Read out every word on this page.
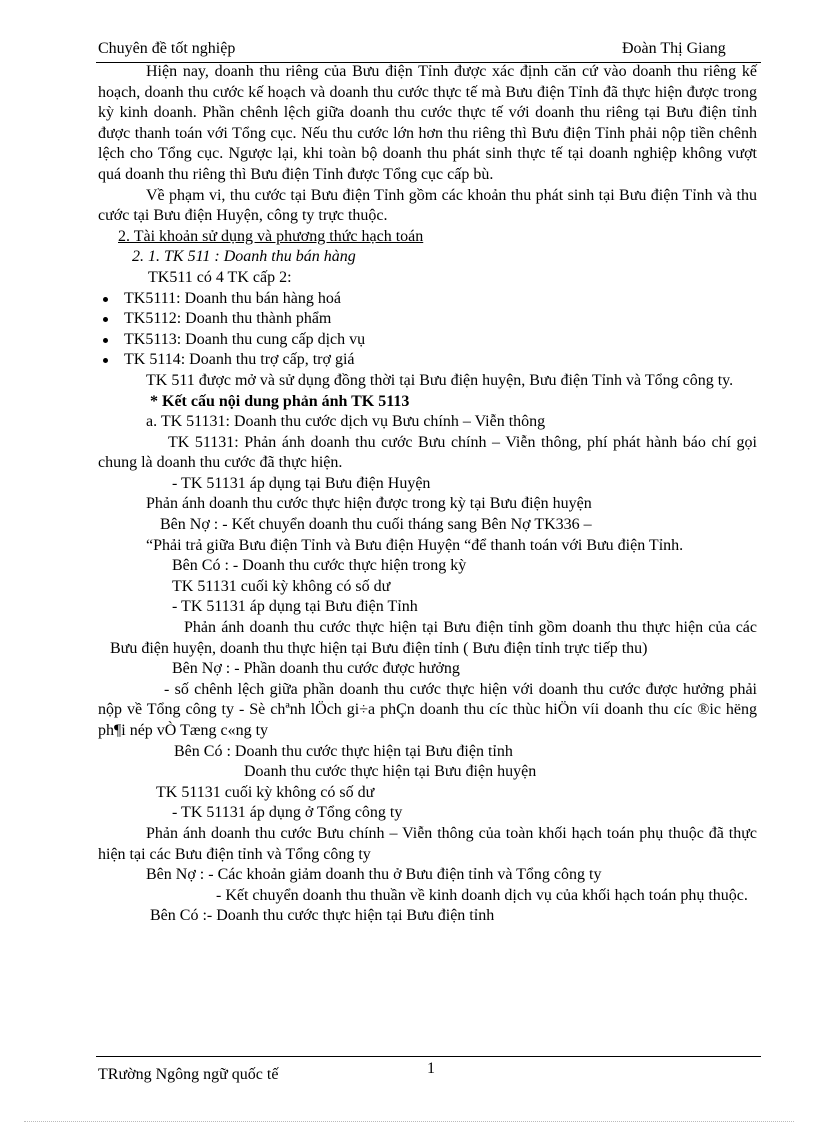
Chuyên đề tốt nghiệp	Đoàn Thị Giang

Hiện nay, doanh thu riêng của Bưu điện Tỉnh được xác định căn cứ vào doanh thu riêng kế hoạch, doanh thu cước kế hoạch và doanh thu cước thực tế mà Bưu điện Tỉnh đã thực hiện được trong kỳ kinh doanh. Phần chênh lệch giữa doanh thu cước thực tế với doanh thu riêng tại Bưu điện tỉnh được thanh toán với Tổng cục. Nếu thu cước lớn hơn thu riêng thì Bưu điện Tỉnh phải nộp tiền chênh lệch cho Tổng cục. Ngược lại, khi toàn bộ doanh thu phát sinh thực tế tại doanh nghiệp không vượt quá doanh thu riêng thì Bưu điện Tỉnh được Tổng cục cấp bù.

Về phạm vi, thu cước tại Bưu điện Tỉnh gồm các khoản thu phát sinh tại Bưu điện Tỉnh và thu cước tại Bưu điện Huyện, công ty trực thuộc.

2. Tài khoản sử dụng và phương thức hạch toán

2. 1. TK 511 : Doanh thu bán hàng

TK511 có 4 TK cấp 2:

TK5111: Doanh thu bán hàng hoá
TK5112: Doanh thu thành phẩm
TK5113: Doanh thu cung cấp dịch vụ
TK 5114: Doanh thu trợ cấp, trợ giá

TK 511 được mở và sử dụng đồng thời tại Bưu điện huyện, Bưu điện Tỉnh và Tổng công ty.

* Kết cấu nội dung phản ánh TK 5113

a. TK 51131: Doanh thu cước dịch vụ Bưu chính – Viễn thông

TK 51131: Phản ánh doanh thu cước Bưu chính – Viễn thông, phí phát hành báo chí gọi chung là doanh thu cước đã thực hiện.

- TK 51131 áp dụng tại Bưu điện Huyện

Phản ánh doanh thu cước thực hiện được trong kỳ tại Bưu điện huyện

Bên Nợ : - Kết chuyển doanh thu cuối tháng sang Bên Nợ TK336 –

“Phải trả giữa Bưu điện Tỉnh và Bưu điện Huyện “để thanh toán với Bưu điện Tỉnh.

Bên Có : - Doanh thu cước thực hiện trong kỳ

TK 51131 cuối kỳ không có số dư

- TK 51131 áp dụng tại Bưu điện Tỉnh

Phản ánh doanh thu cước thực hiện tại Bưu điện tỉnh gồm doanh thu thực hiện của các Bưu điện huyện, doanh thu thực hiện tại Bưu điện tỉnh ( Bưu điện tỉnh trực tiếp thu)

Bên Nợ : - Phần doanh thu cước được hưởng

- số chênh lệch giữa phần doanh thu cước thực hiện với doanh thu cước được hưởng phải nộp về Tổng công ty - Sè chªnh lÖch gi÷a phÇn doanh thu cíc thùc hiÖn víi doanh thu cíc ®ic hëng ph¶i nép vÒ Tæng c«ng ty

Bên Có : Doanh thu cước thực hiện tại Bưu điện tỉnh

Doanh thu cước thực hiện tại Bưu điện huyện

TK 51131 cuối kỳ không có số dư

- TK 51131 áp dụng ở Tổng công ty

Phản ánh doanh thu cước Bưu chính – Viễn thông của toàn khối hạch toán phụ thuộc đã thực hiện tại các Bưu điện tỉnh và Tổng công ty

Bên Nợ : - Các khoản giảm doanh thu ở Bưu điện tỉnh và Tổng công ty

- Kết chuyển doanh thu thuần về kinh doanh dịch vụ của khối hạch toán phụ thuộc.

Bên Có :- Doanh thu cước thực hiện tại Bưu điện tỉnh

TRường Ngông ngữ quốc tế	1
